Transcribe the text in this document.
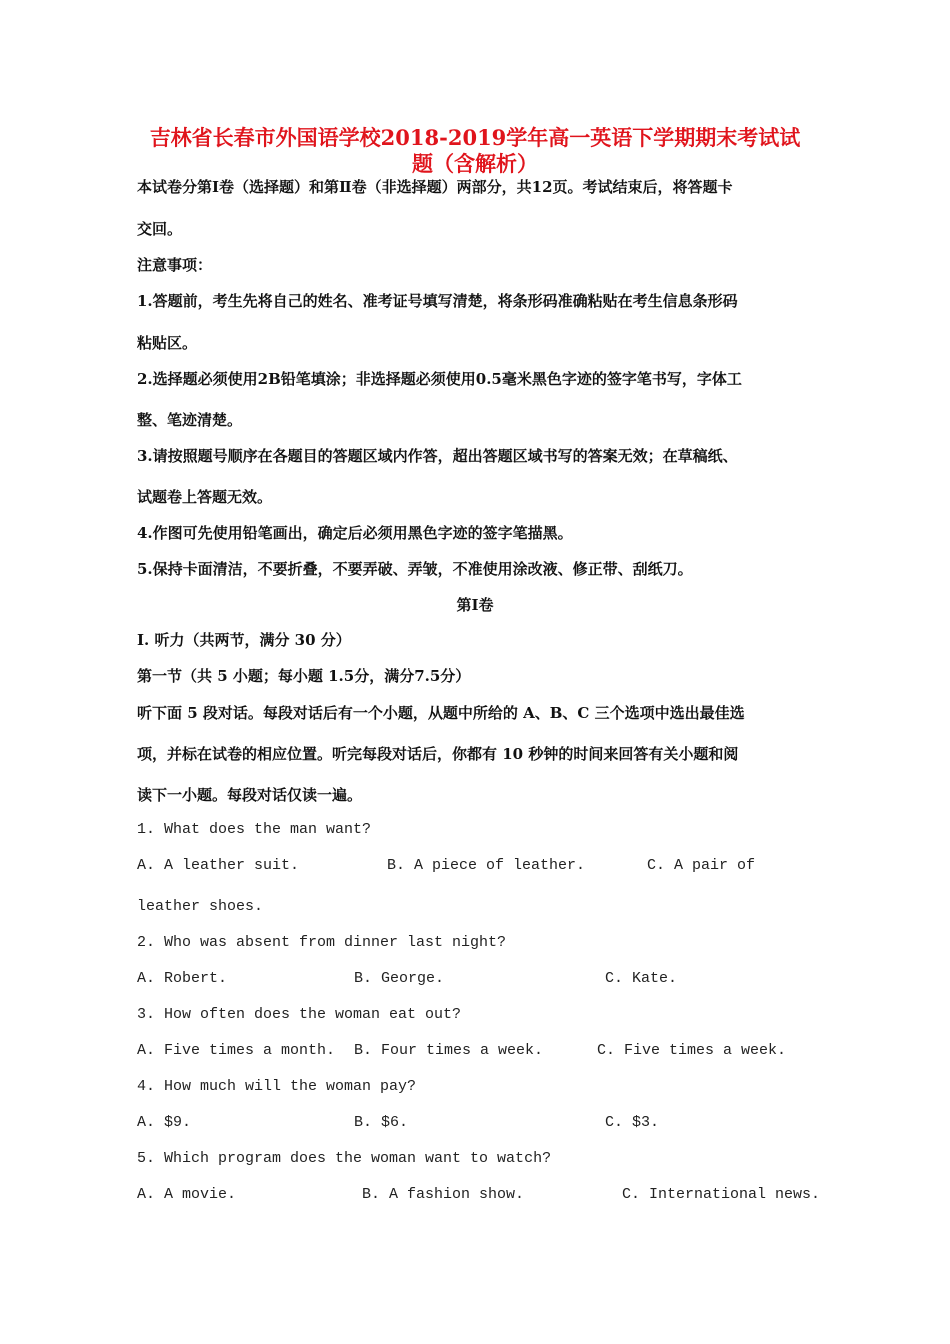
吉林省长春市外国语学校2018-2019学年高一英语下学期期末考试试
题（含解析）
本试卷分第Ⅰ卷（选择题）和第Ⅱ卷（非选择题）两部分，共12页。考试结束后，将答题卡
交回。
注意事项：
1.答题前，考生先将自己的姓名、准考证号填写清楚，将条形码准确粘贴在考生信息条形码
粘贴区。
2.选择题必须使用2B铅笔填涂；非选择题必须使用0.5毫米黑色字迹的签字笔书写，字体工
整、笔迹清楚。
3.请按照题号顺序在各题目的答题区域内作答，超出答题区域书写的答案无效；在草稿纸、
试题卷上答题无效。
4.作图可先使用铅笔画出，确定后必须用黑色字迹的签字笔描黑。
5.保持卡面清洁，不要折叠，不要弄破、弄皱，不准使用涂改液、修正带、刮纸刀。
第Ⅰ卷
I. 听力（共两节，满分 30 分）
第一节（共 5 小题；每小题 1.5分，满分7.5分）
听下面 5 段对话。每段对话后有一个小题，从题中所给的 A、B、C 三个选项中选出最佳选
项，并标在试卷的相应位置。听完每段对话后，你都有 10 秒钟的时间来回答有关小题和阅
读下一小题。每段对话仅读一遍。
1. What does the man want?
A. A leather suit.	B. A piece of leather.	C. A pair of
leather shoes.
2. Who was absent from dinner last night?
A. Robert.	B. George.	C. Kate.
3. How often does the woman eat out?
A. Five times a month. B. Four times a week.	C. Five times a week.
4. How much will the woman pay?
A. $9.	B. $6.	C. $3.
5. Which program does the woman want to watch?
A. A movie.	B. A fashion show.	C. International news.
